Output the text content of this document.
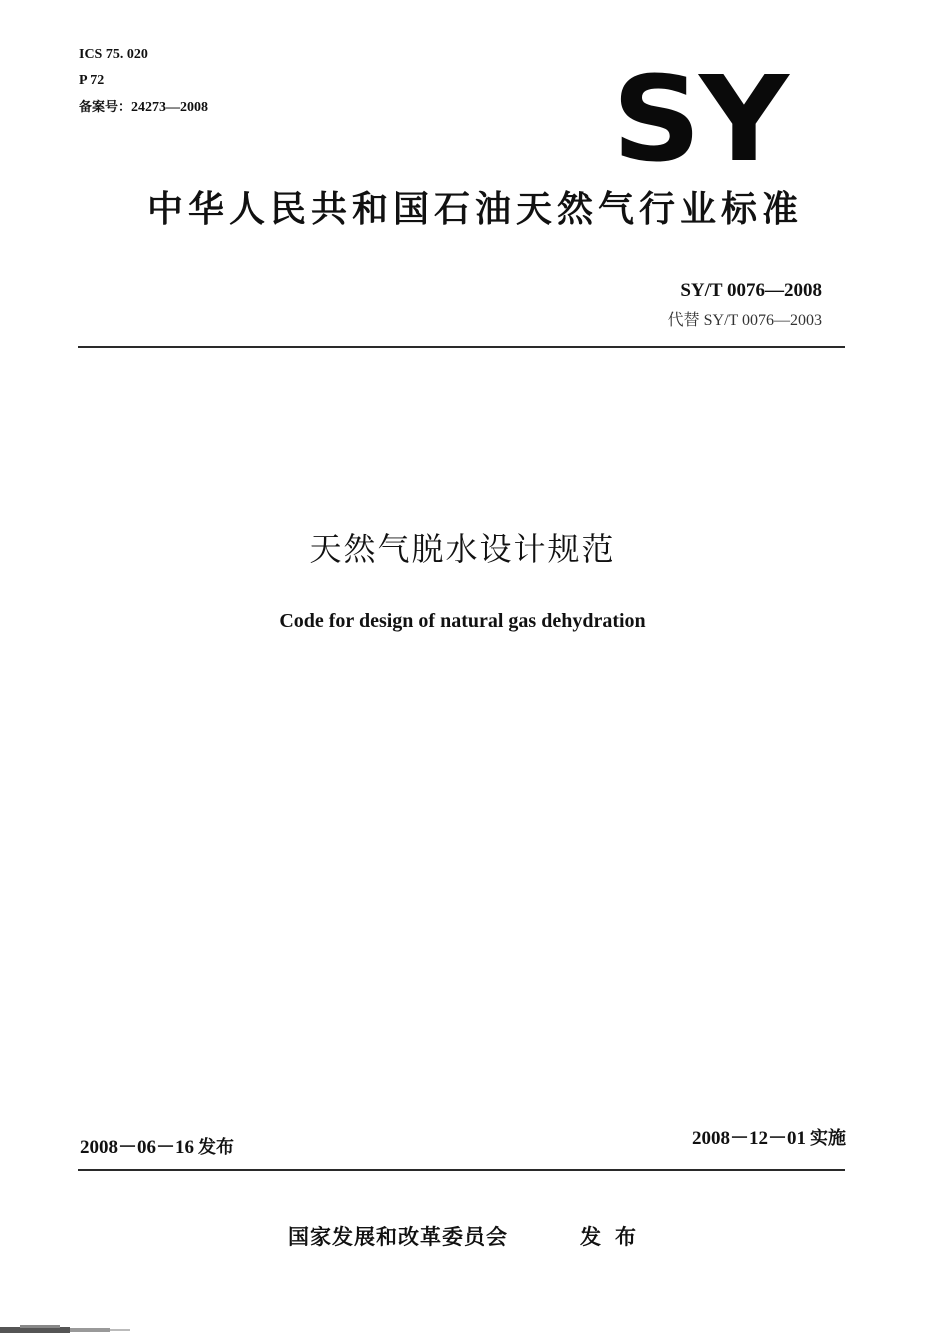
ICS 75. 020
P 72
备案号：24273—2008	SY
中华人民共和国石油天然气行业标准
SY/T 0076—2008
代替 SY/T 0076—2003
天然气脱水设计规范
Code for design of natural gas dehydration
2008－06－16 发布	2008－12－01 实施
国家发展和改革委员会	发布
